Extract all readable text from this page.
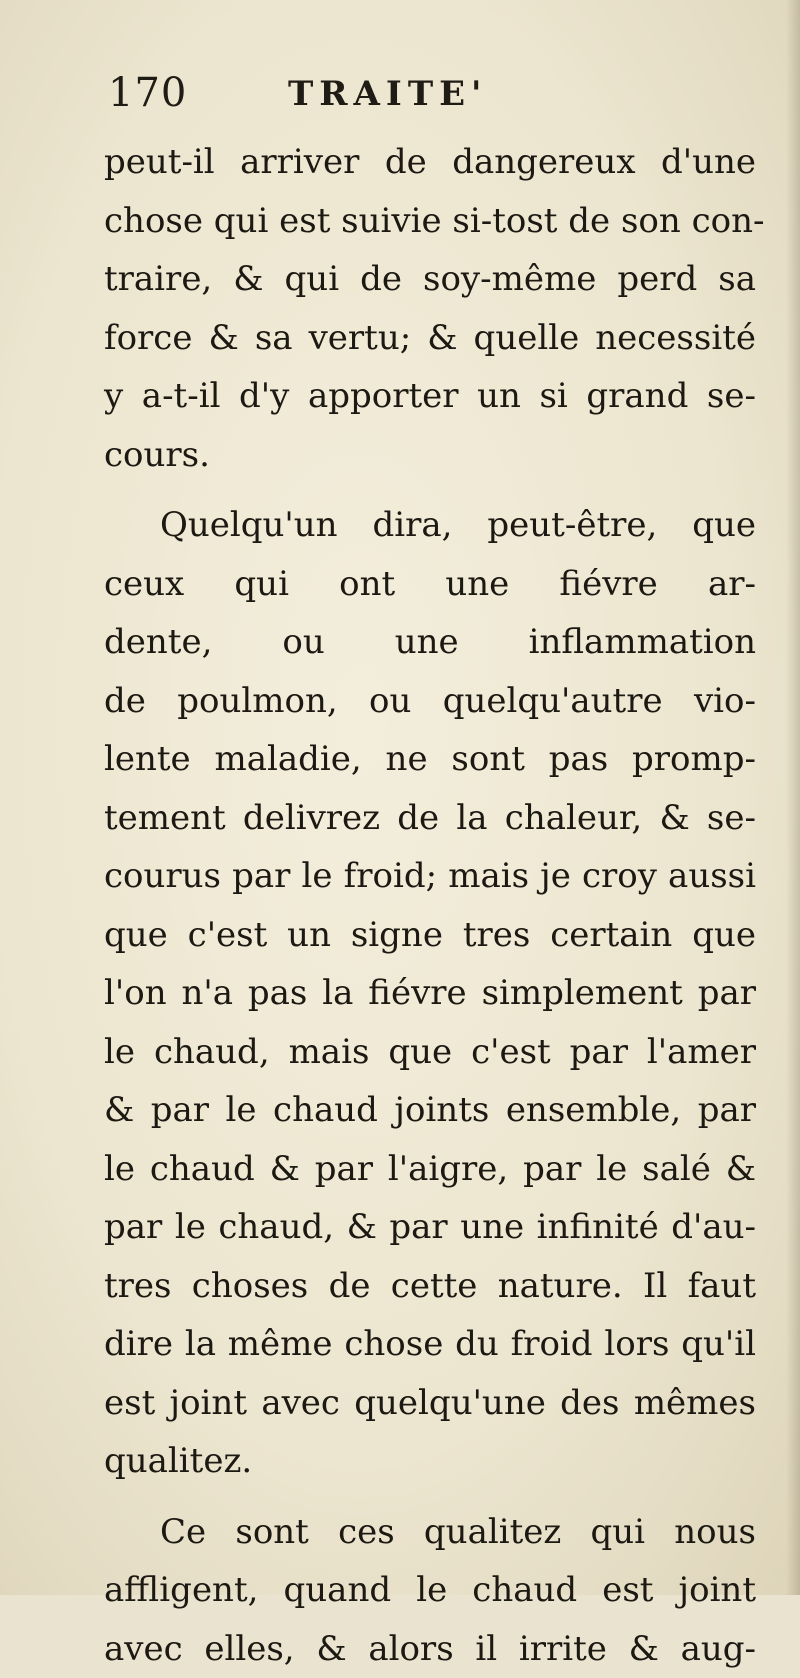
170	TRAITE'
peut-il arriver de dangereux d'une
chose qui est suivie si-tost de son con-
traire, & qui de soy-même perd sa
force & sa vertu; & quelle necessité
y a-t-il d'y apporter un si grand se-
cours.
Quelqu'un dira, peut-être, que
ceux qui ont une fiévre ar-
dente, ou une inflammation
de poulmon, ou quelqu'autre vio-
lente maladie, ne sont pas promp-
tement delivrez de la chaleur, & se-
courus par le froid; mais je croy aussi
que c'est un signe tres certain que
l'on n'a pas la fiévre simplement par
le chaud, mais que c'est par l'amer
& par le chaud joints ensemble, par
le chaud & par l'aigre, par le salé &
par le chaud, & par une infinité d'au-
tres choses de cette nature. Il faut
dire la même chose du froid lors qu'il
est joint avec quelqu'une des mêmes
qualitez.
Ce sont ces qualitez qui nous
affligent, quand le chaud est joint
avec elles, & alors il irrite & aug-
